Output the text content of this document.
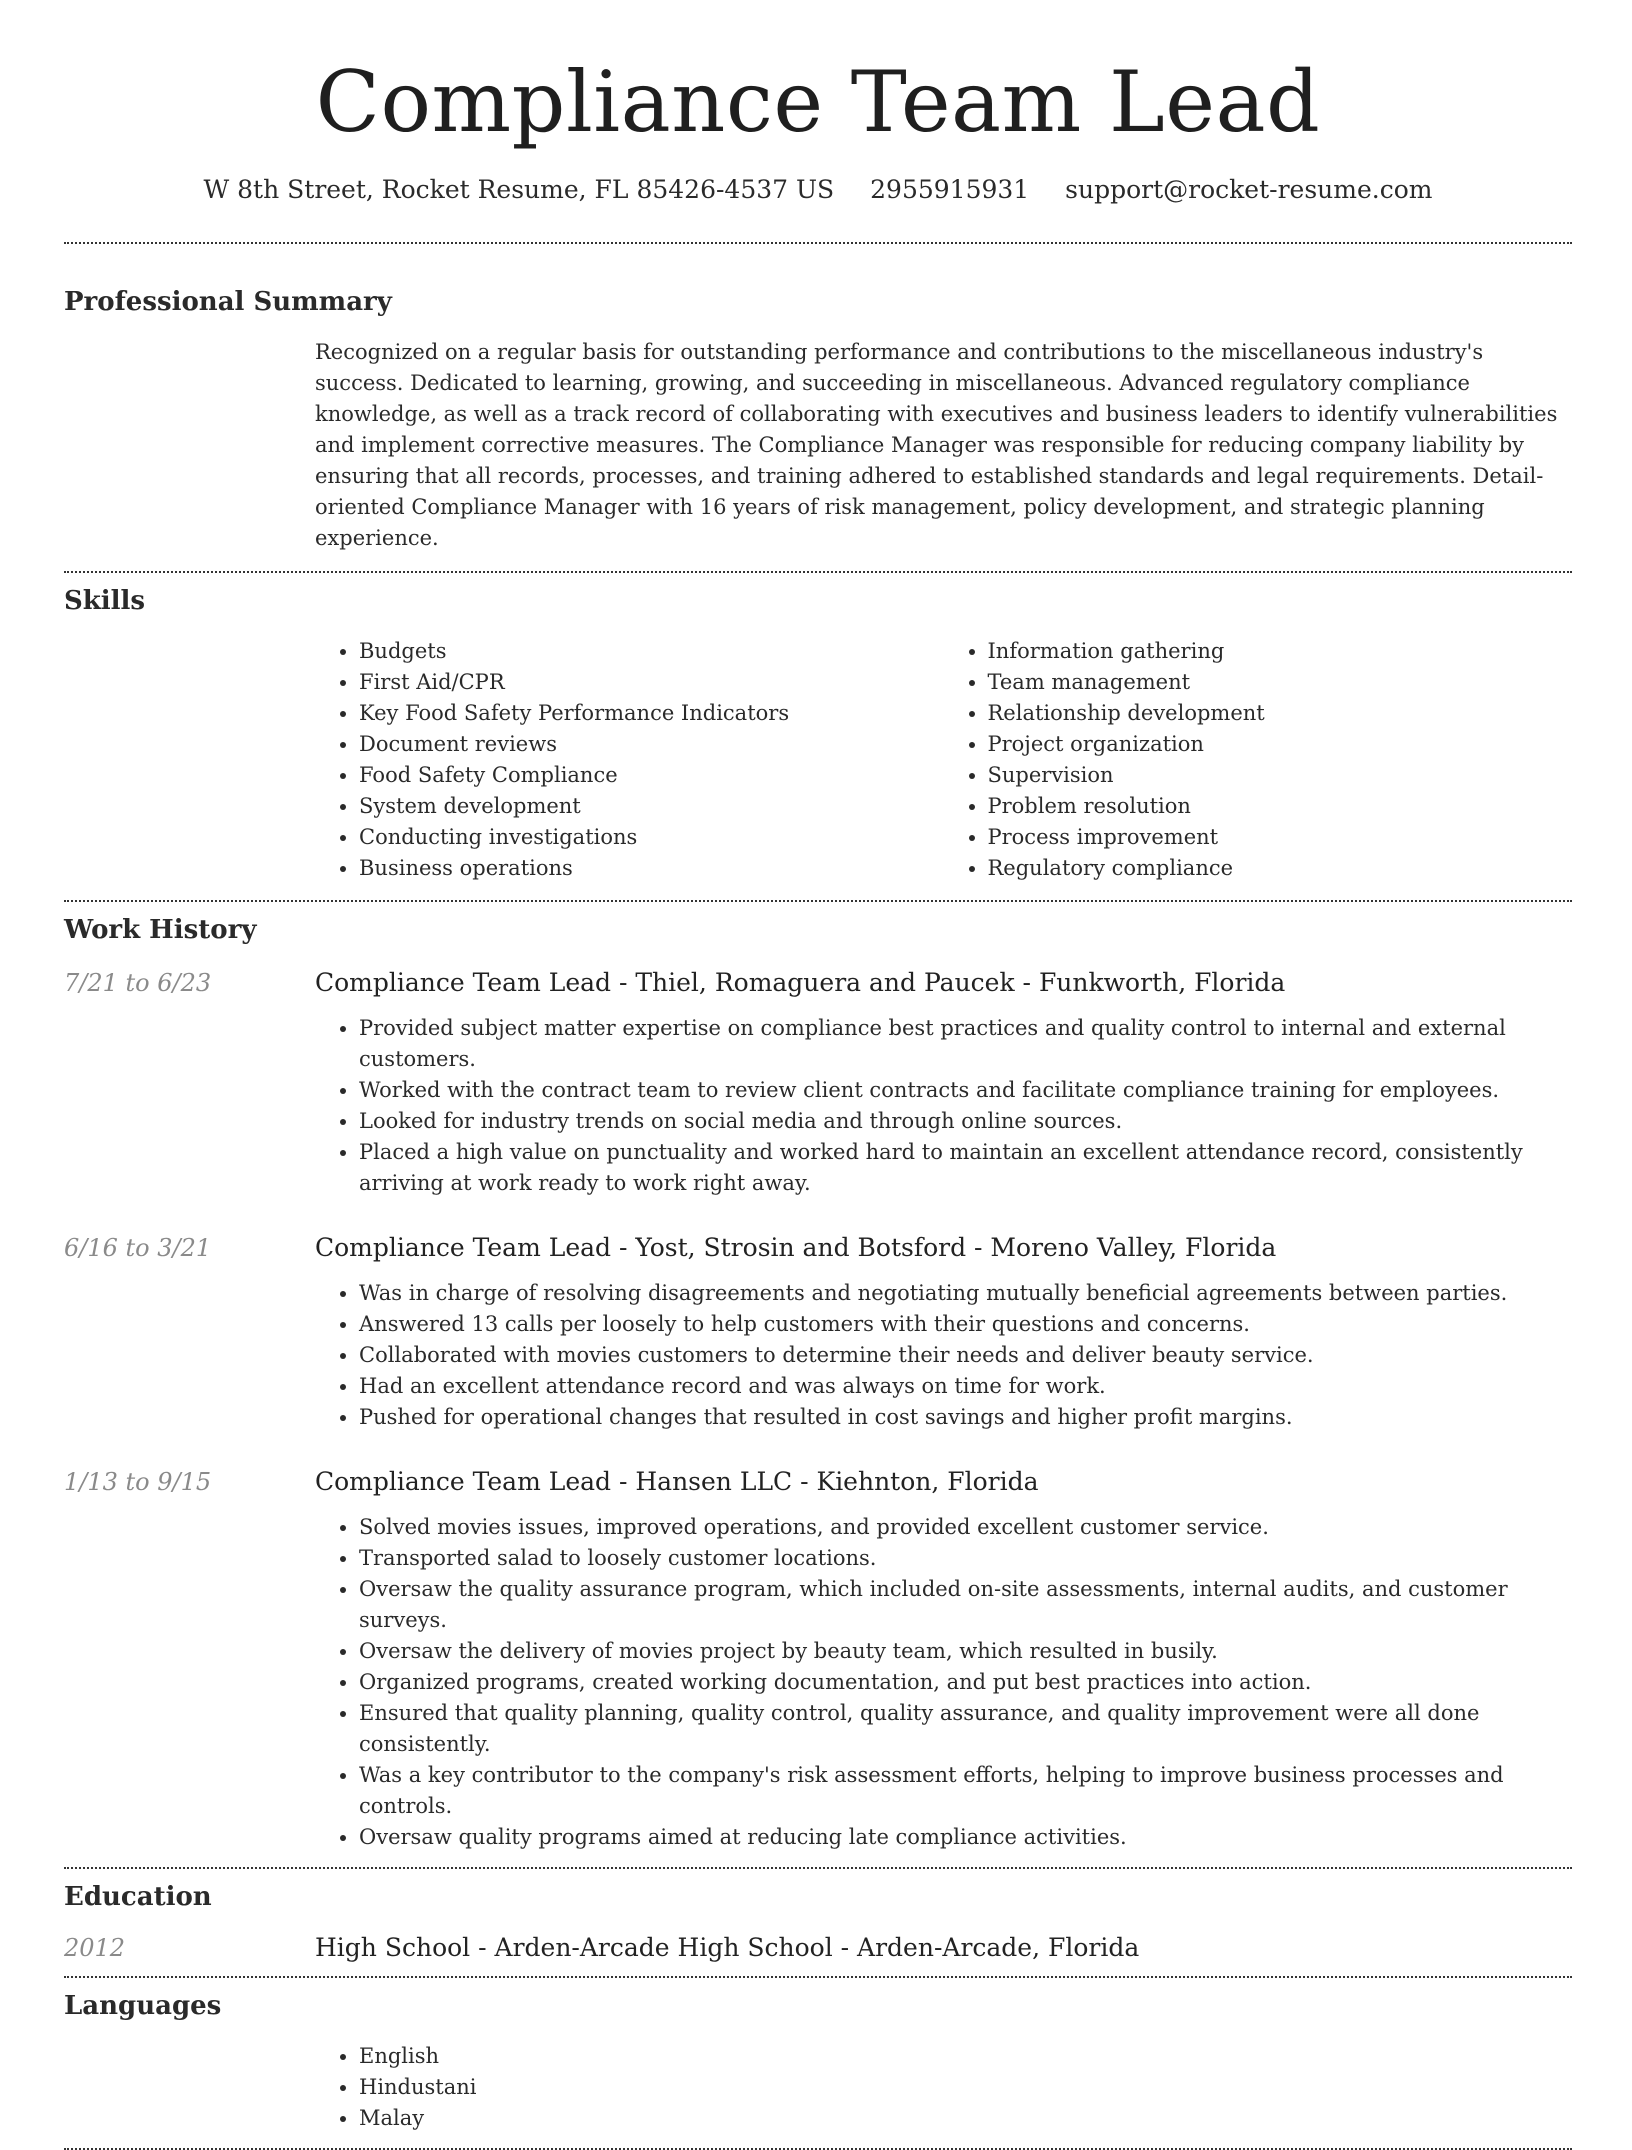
Compliance Team Lead
W 8th Street, Rocket Resume, FL 85426-4537 US 2955915931 support@rocket-resume.com
Professional Summary

Recognized on a regular basis for outstanding performance and contributions to the miscellaneous industry's success. Dedicated to learning, growing, and succeeding in miscellaneous. Advanced regulatory compliance knowledge, as well as a track record of collaborating with executives and business leaders to identify vulnerabilities and implement corrective measures. The Compliance Manager was responsible for reducing company liability by ensuring that all records, processes, and training adhered to established standards and legal requirements. Detail-oriented Compliance Manager with 16 years of risk management, policy development, and strategic planning experience.

Skills
• Budgets
• First Aid/CPR
• Key Food Safety Performance Indicators
• Document reviews
• Food Safety Compliance
• System development
• Conducting investigations
• Business operations
• Information gathering
• Team management
• Relationship development
• Project organization
• Supervision
• Problem resolution
• Process improvement
• Regulatory compliance
Work History
7/21 to 6/23	Compliance Team Lead - Thiel, Romaguera and Paucek - Funkworth, Florida
• Provided subject matter expertise on compliance best practices and quality control to internal and external customers.
• Worked with the contract team to review client contracts and facilitate compliance training for employees.
• Looked for industry trends on social media and through online sources.
• Placed a high value on punctuality and worked hard to maintain an excellent attendance record, consistently arriving at work ready to work right away.
6/16 to 3/21	Compliance Team Lead - Yost, Strosin and Botsford - Moreno Valley, Florida
• Was in charge of resolving disagreements and negotiating mutually beneficial agreements between parties.
• Answered 13 calls per loosely to help customers with their questions and concerns.
• Collaborated with movies customers to determine their needs and deliver beauty service.
• Had an excellent attendance record and was always on time for work.
• Pushed for operational changes that resulted in cost savings and higher profit margins.
1/13 to 9/15	Compliance Team Lead - Hansen LLC - Kiehnton, Florida
• Solved movies issues, improved operations, and provided excellent customer service.
• Transported salad to loosely customer locations.
• Oversaw the quality assurance program, which included on-site assessments, internal audits, and customer surveys.
• Oversaw the delivery of movies project by beauty team, which resulted in busily.
• Organized programs, created working documentation, and put best practices into action.
• Ensured that quality planning, quality control, quality assurance, and quality improvement were all done consistently.
• Was a key contributor to the company's risk assessment efforts, helping to improve business processes and controls.
• Oversaw quality programs aimed at reducing late compliance activities.
Education
2012	High School - Arden-Arcade High School - Arden-Arcade, Florida
Languages
• English
• Hindustani
• Malay
